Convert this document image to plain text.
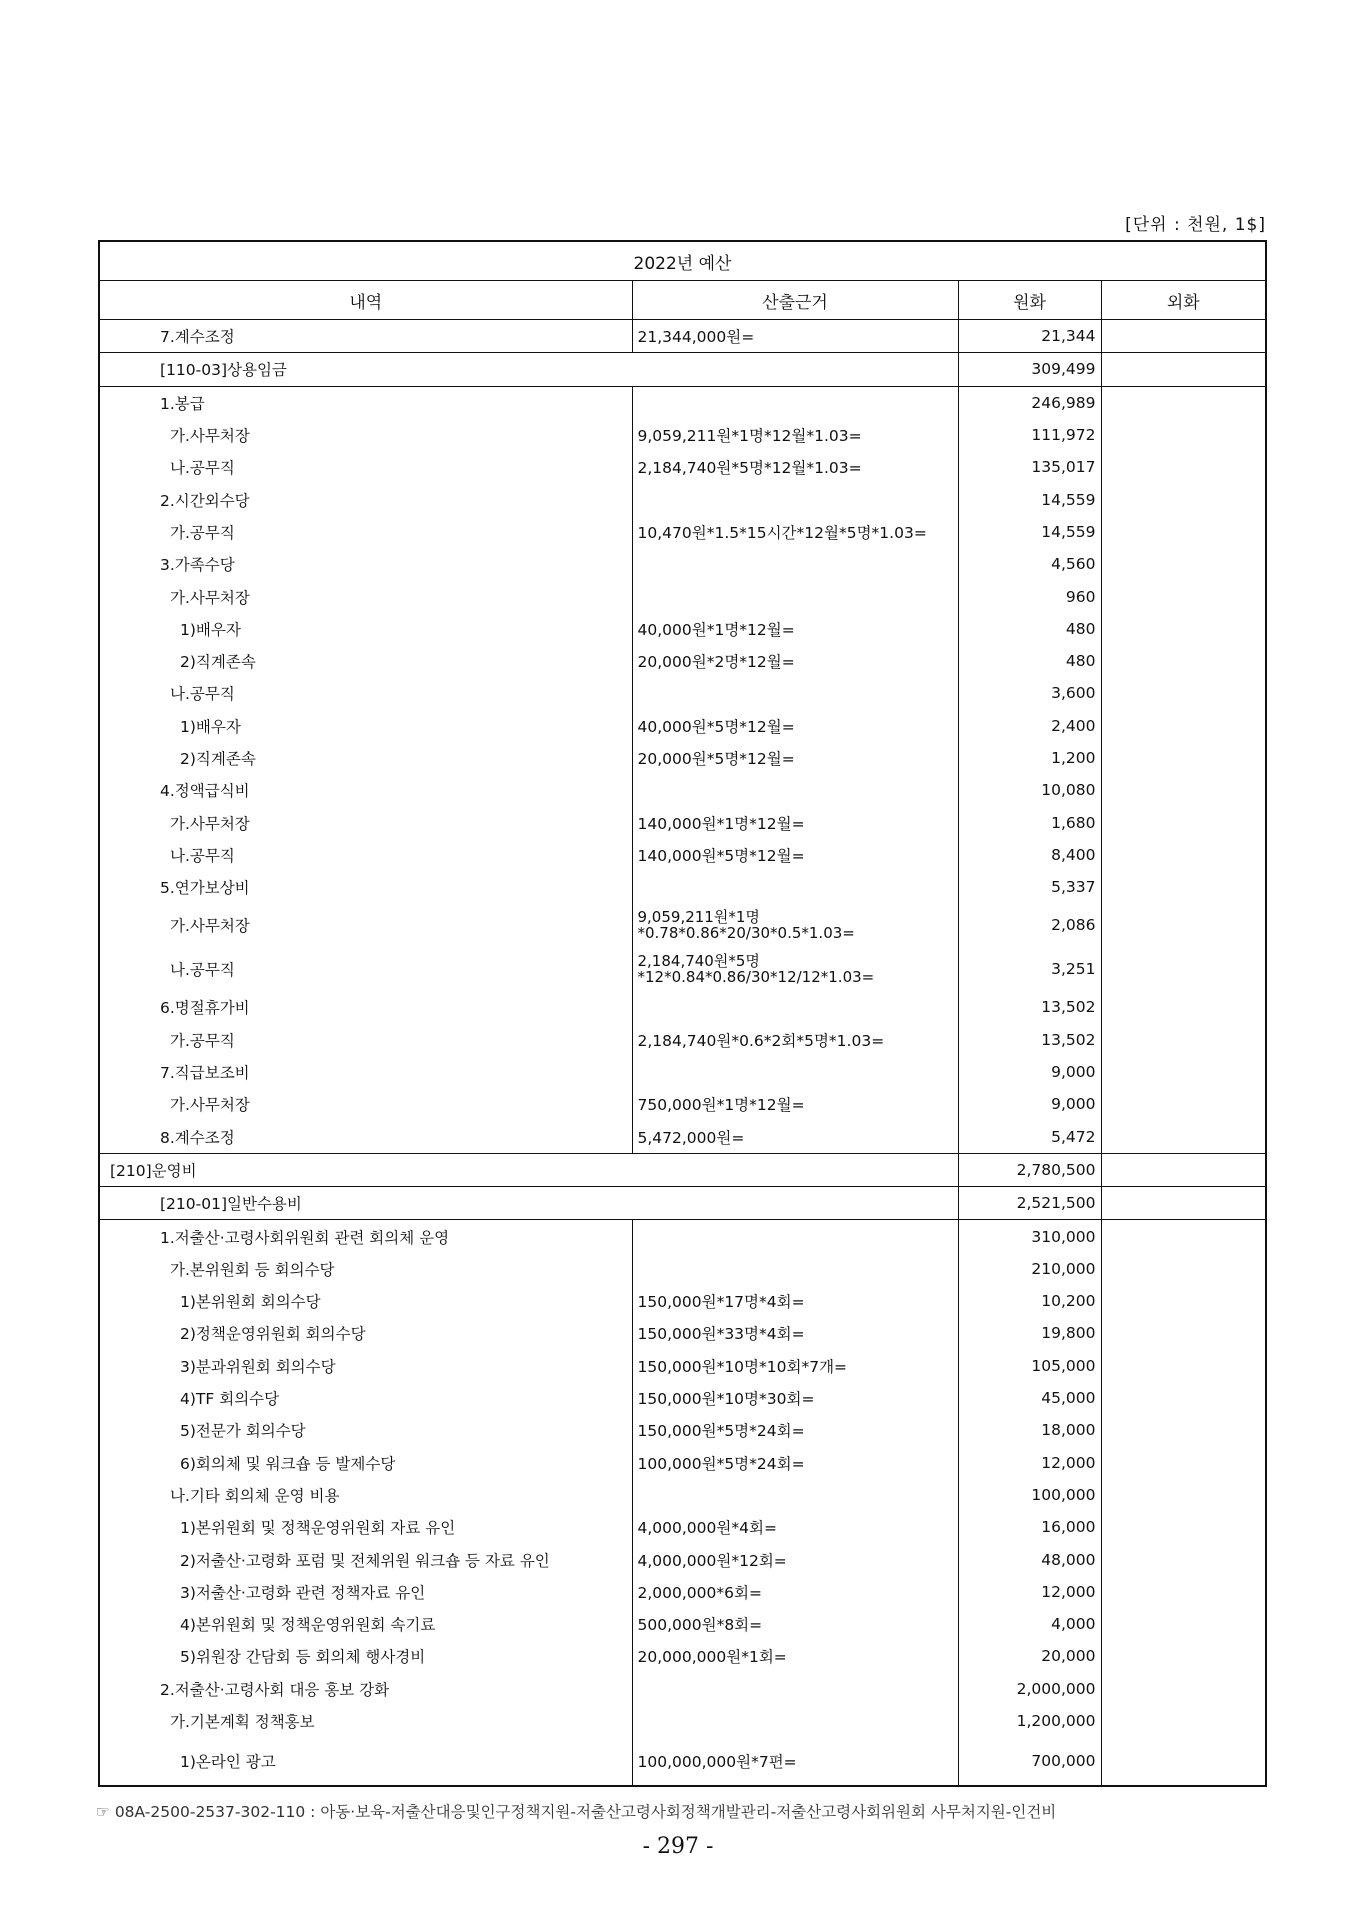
[단위 : 천원, 1$]
2022년 예산			
내역	산출근거	원화	외화
7.계수조정	21,344,000원=	21,344	
[110-03]상용임금		309,499	
1.봉급		246,989	
가.사무처장	9,059,211원*1명*12월*1.03=	111,972	
나.공무직	2,184,740원*5명*12월*1.03=	135,017	
2.시간외수당		14,559	
가.공무직	10,470원*1.5*15시간*12월*5명*1.03=	14,559	
3.가족수당		4,560	
가.사무처장		960	
1)배우자	40,000원*1명*12월=	480	
2)직계존속	20,000원*2명*12월=	480	
나.공무직		3,600	
1)배우자	40,000원*5명*12월=	2,400	
2)직계존속	20,000원*5명*12월=	1,200	
4.정액급식비		10,080	
가.사무처장	140,000원*1명*12월=	1,680	
나.공무직	140,000원*5명*12월=	8,400	
5.연가보상비		5,337	
가.사무처장	9,059,211원*1명*0.78*0.86*20/30*0.5*1.03=	2,086	
나.공무직	2,184,740원*5명*12*0.84*0.86/30*12/12*1.03=	3,251	
6.명절휴가비		13,502	
가.공무직	2,184,740원*0.6*2회*5명*1.03=	13,502	
7.직급보조비		9,000	
가.사무처장	750,000원*1명*12월=	9,000	
8.계수조정	5,472,000원=	5,472	
[210]운영비		2,780,500	
[210-01]일반수용비		2,521,500	
1.저출산·고령사회위원회 관련 회의체 운영		310,000	
가.본위원회 등 회의수당		210,000	
1)본위원회 회의수당	150,000원*17명*4회=	10,200	
2)정책운영위원회 회의수당	150,000원*33명*4회=	19,800	
3)분과위원회 회의수당	150,000원*10명*10회*7개=	105,000	
4)TF 회의수당	150,000원*10명*30회=	45,000	
5)전문가 회의수당	150,000원*5명*24회=	18,000	
6)회의체 및 워크숍 등 발제수당	100,000원*5명*24회=	12,000	
나.기타 회의체 운영 비용		100,000	
1)본위원회 및 정책운영위원회 자료 유인	4,000,000원*4회=	16,000	
2)저출산·고령화 포럼 및 전체위원 워크숍 등 자료 유인	4,000,000원*12회=	48,000	
3)저출산·고령화 관련 정책자료 유인	2,000,000*6회=	12,000	
4)본위원회 및 정책운영위원회 속기료	500,000원*8회=	4,000	
5)위원장 간담회 등 회의체 행사경비	20,000,000원*1회=	20,000	
2.저출산·고령사회 대응 홍보 강화		2,000,000	
가.기본계획 정책홍보		1,200,000	
1)온라인 광고	100,000,000원*7편=	700,000	
☞ 08A-2500-2537-302-110 : 아동·보육-저출산대응및인구정책지원-저출산고령사회정책개발관리-저출산고령사회위원회 사무처지원-인건비
- 297 -
